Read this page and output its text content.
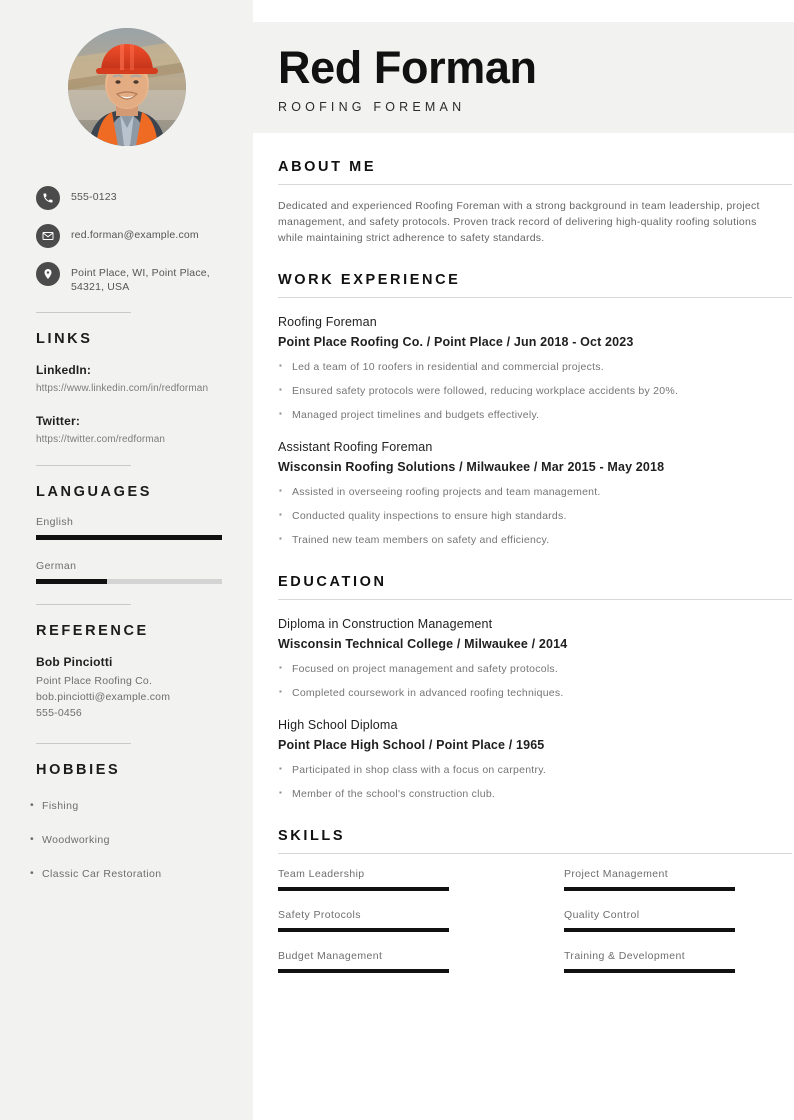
555-0123
red.forman@example.com
Point Place, WI, Point Place, 54321, USA
LINKS
LinkedIn:
https://www.linkedin.com/in/redforman
Twitter:
https://twitter.com/redforman
LANGUAGES
English
German
REFERENCE
Bob Pinciotti
Point Place Roofing Co.
bob.pinciotti@example.com
555-0456
HOBBIES
• Fishing
• Woodworking
• Classic Car Restoration
Red Forman
ROOFING FOREMAN
ABOUT ME

Dedicated and experienced Roofing Foreman with a strong background in team leadership, project management, and safety protocols. Proven track record of delivering high-quality roofing solutions while maintaining strict adherence to safety standards.

WORK EXPERIENCE
Roofing Foreman
Point Place Roofing Co. / Point Place / Jun 2018 - Oct 2023
▪ Led a team of 10 roofers in residential and commercial projects.
▪ Ensured safety protocols were followed, reducing workplace accidents by 20%.
▪ Managed project timelines and budgets effectively.
Assistant Roofing Foreman
Wisconsin Roofing Solutions / Milwaukee / Mar 2015 - May 2018
▪ Assisted in overseeing roofing projects and team management.
▪ Conducted quality inspections to ensure high standards.
▪ Trained new team members on safety and efficiency.
EDUCATION
Diploma in Construction Management
Wisconsin Technical College / Milwaukee / 2014
▪ Focused on project management and safety protocols.
▪ Completed coursework in advanced roofing techniques.
High School Diploma
Point Place High School / Point Place / 1965
▪ Participated in shop class with a focus on carpentry.
▪ Member of the school's construction club.
SKILLS
Team Leadership	Project Management
Safety Protocols	Quality Control
Budget Management	Training & Development
